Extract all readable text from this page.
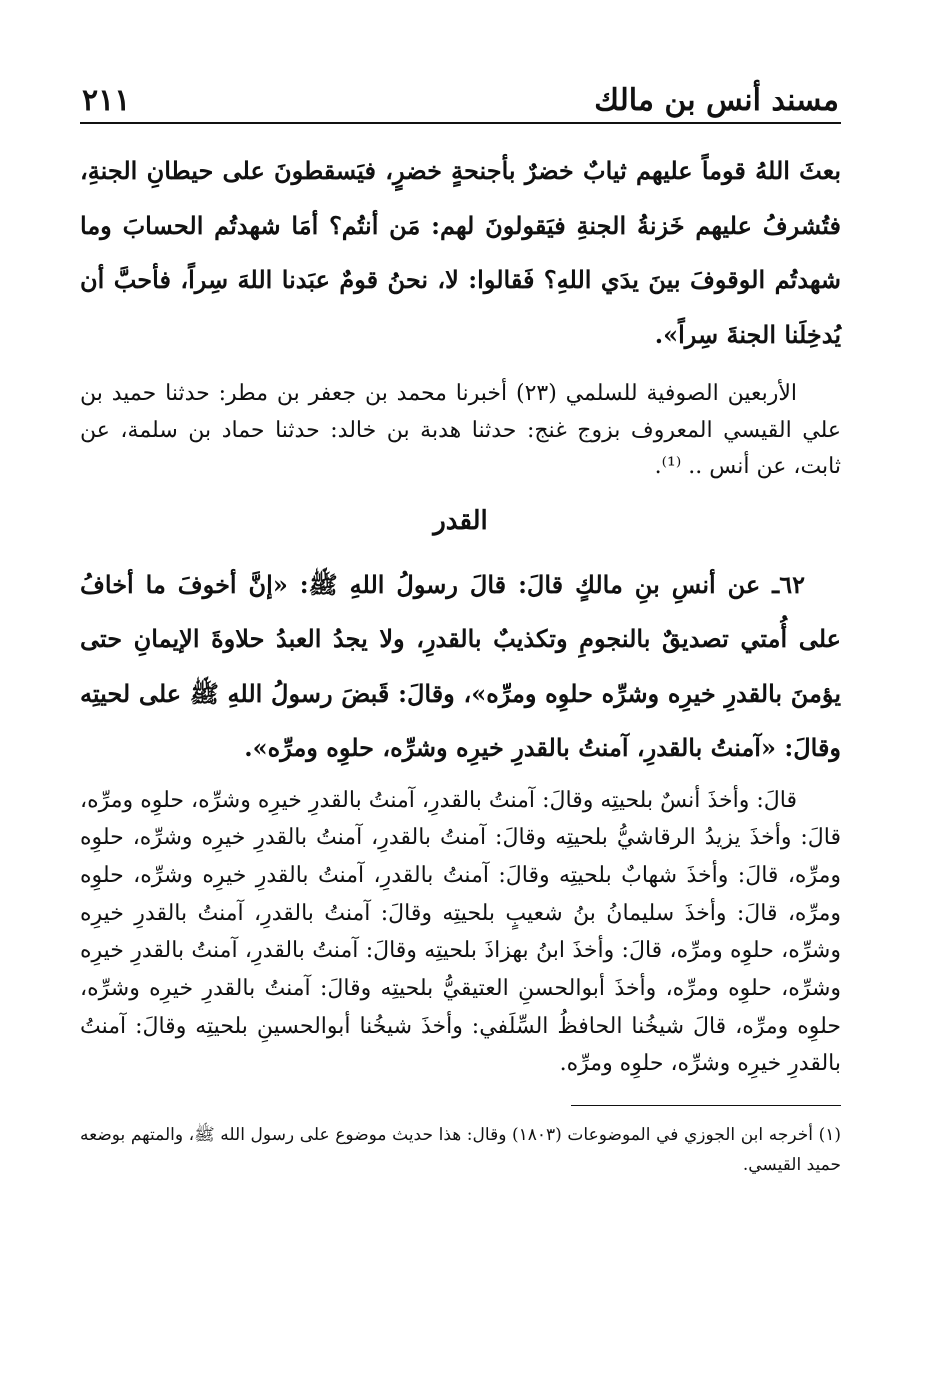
مسند أنس بن مالك
٢١١

بعثَ اللهُ قوماً عليهم ثيابٌ خضرٌ بأجنحةٍ خضرٍ، فيَسقطونَ على حيطانِ الجنةِ، فتُشرفُ عليهم خَزنةُ الجنةِ فيَقولونَ لهم: مَن أنتُم؟ أمَا شهدتُم الحسابَ وما شهدتُم الوقوفَ بينَ يدَي اللهِ؟ فَقالوا: لا، نحنُ قومٌ عبَدنا اللهَ سِراً، فأحبَّ أن يُدخِلَنا الجنةَ سِراً».

الأربعين الصوفية للسلمي (٢٣) أخبرنا محمد بن جعفر بن مطر: حدثنا حميد بن علي القيسي المعروف بزوج غنج: حدثنا هدبة بن خالد: حدثنا حماد بن سلمة، عن ثابت، عن أنس .. ⁽¹⁾.

القدر

٦٢ـ عن أنسِ بنِ مالكٍ قالَ: قالَ رسولُ اللهِ ﷺ: «إنَّ أخوفَ ما أخافُ على أُمتي تصديقٌ بالنجومِ وتكذيبٌ بالقدرِ، ولا يجدُ العبدُ حلاوةَ الإيمانِ حتى يؤمنَ بالقدرِ خيرِه وشرِّه حلوِه ومرِّه»، وقالَ: قَبضَ رسولُ اللهِ ﷺ على لحيتِه وقالَ: «آمنتُ بالقدرِ، آمنتُ بالقدرِ خيرِه وشرِّه، حلوِه ومرِّه».

قالَ: وأخذَ أنسٌ بلحيتِه وقالَ: آمنتُ بالقدرِ، آمنتُ بالقدرِ خيرِه وشرِّه، حلوِه ومرِّه، قالَ: وأخذَ يزيدُ الرقاشيُّ بلحيتِه وقالَ: آمنتُ بالقدرِ، آمنتُ بالقدرِ خيرِه وشرِّه، حلوِه ومرِّه، قالَ: وأخذَ شهابٌ بلحيتِه وقالَ: آمنتُ بالقدرِ، آمنتُ بالقدرِ خيرِه وشرِّه، حلوِه ومرِّه، قالَ: وأخذَ سليمانُ بنُ شعيبٍ بلحيتِه وقالَ: آمنتُ بالقدرِ، آمنتُ بالقدرِ خيرِه وشرِّه، حلوِه ومرِّه، قالَ: وأخذَ ابنُ بهزاذَ بلحيتِه وقالَ: آمنتُ بالقدرِ، آمنتُ بالقدرِ خيرِه وشرِّه، حلوِه ومرِّه، وأخذَ أبوالحسنِ العتيقيُّ بلحيتِه وقالَ: آمنتُ بالقدرِ خيرِه وشرِّه، حلوِه ومرِّه، قالَ شيخُنا الحافظُ السِّلَفي: وأخذَ شيخُنا أبوالحسينِ بلحيتِه وقالَ: آمنتُ بالقدرِ خيرِه وشرِّه، حلوِه ومرِّه.

(١) أخرجه ابن الجوزي في الموضوعات (١٨٠٣) وقال: هذا حديث موضوع على رسول الله ﷺ، والمتهم بوضعه حميد القيسي.
